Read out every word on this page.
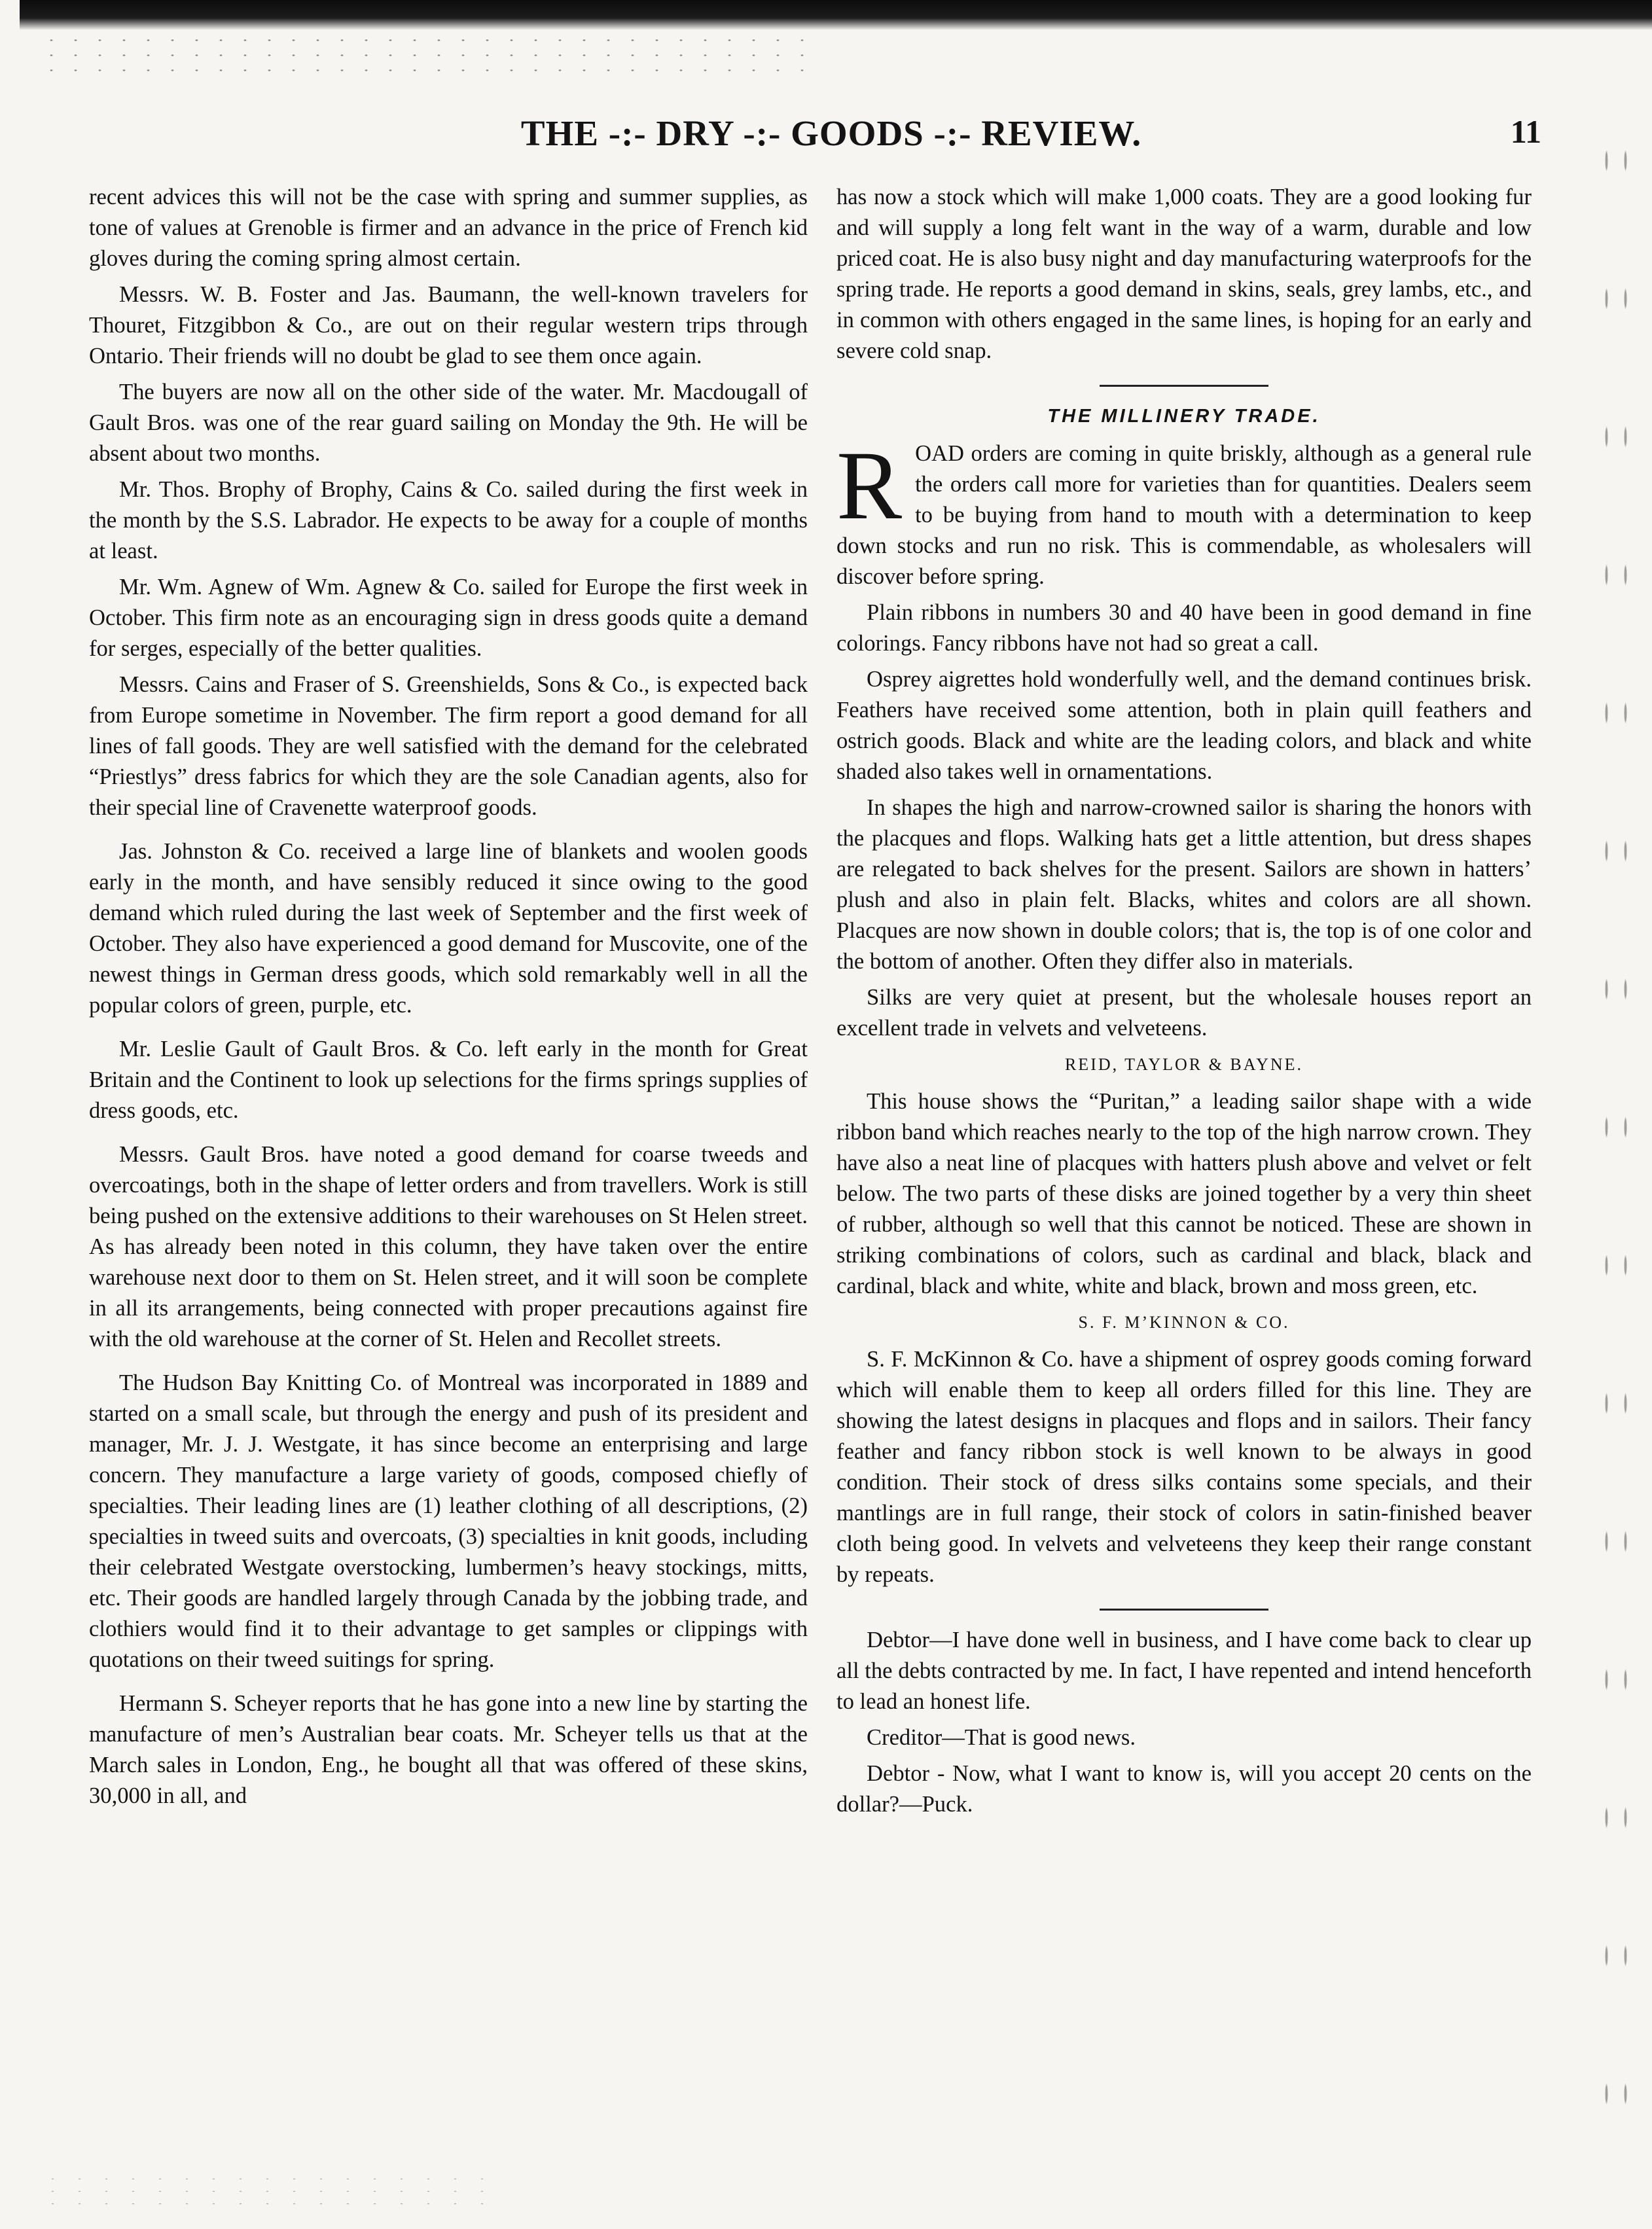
THE -:- DRY -:- GOODS -:- REVIEW.	11

recent advices this will not be the case with spring and summer supplies, as tone of values at Grenoble is firmer and an advance in the price of French kid gloves during the coming spring almost certain.

Messrs. W. B. Foster and Jas. Baumann, the well-known travelers for Thouret, Fitzgibbon & Co., are out on their regular western trips through Ontario. Their friends will no doubt be glad to see them once again.

The buyers are now all on the other side of the water. Mr. Macdougall of Gault Bros. was one of the rear guard sailing on Monday the 9th. He will be absent about two months.

Mr. Thos. Brophy of Brophy, Cains & Co. sailed during the first week in the month by the S.S. Labrador. He expects to be away for a couple of months at least.

Mr. Wm. Agnew of Wm. Agnew & Co. sailed for Europe the first week in October. This firm note as an encouraging sign in dress goods quite a demand for serges, especially of the better qualities.

Messrs. Cains and Fraser of S. Greenshields, Sons & Co., is expected back from Europe sometime in November. The firm report a good demand for all lines of fall goods. They are well satisfied with the demand for the celebrated “Priestlys” dress fabrics for which they are the sole Canadian agents, also for their special line of Cravenette waterproof goods.

Jas. Johnston & Co. received a large line of blankets and woolen goods early in the month, and have sensibly reduced it since owing to the good demand which ruled during the last week of September and the first week of October. They also have experienced a good demand for Muscovite, one of the newest things in German dress goods, which sold remarkably well in all the popular colors of green, purple, etc.

Mr. Leslie Gault of Gault Bros. & Co. left early in the month for Great Britain and the Continent to look up selections for the firms springs supplies of dress goods, etc.

Messrs. Gault Bros. have noted a good demand for coarse tweeds and overcoatings, both in the shape of letter orders and from travellers. Work is still being pushed on the extensive additions to their warehouses on St Helen street. As has already been noted in this column, they have taken over the entire warehouse next door to them on St. Helen street, and it will soon be complete in all its arrangements, being connected with proper precautions against fire with the old warehouse at the corner of St. Helen and Recollet streets.

The Hudson Bay Knitting Co. of Montreal was incorporated in 1889 and started on a small scale, but through the energy and push of its president and manager, Mr. J. J. Westgate, it has since become an enterprising and large concern. They manufacture a large variety of goods, composed chiefly of specialties. Their leading lines are (1) leather clothing of all descriptions, (2) specialties in tweed suits and overcoats, (3) specialties in knit goods, including their celebrated Westgate overstocking, lumbermen’s heavy stockings, mitts, etc. Their goods are handled largely through Canada by the jobbing trade, and clothiers would find it to their advantage to get samples or clippings with quotations on their tweed suitings for spring.

Hermann S. Scheyer reports that he has gone into a new line by starting the manufacture of men’s Australian bear coats. Mr. Scheyer tells us that at the March sales in London, Eng., he bought all that was offered of these skins, 30,000 in all, and

has now a stock which will make 1,000 coats. They are a good looking fur and will supply a long felt want in the way of a warm, durable and low priced coat. He is also busy night and day manufacturing waterproofs for the spring trade. He reports a good demand in skins, seals, grey lambs, etc., and in common with others engaged in the same lines, is hoping for an early and severe cold snap.

THE MILLINERY TRADE.

ROAD orders are coming in quite briskly, although as a general rule the orders call more for varieties than for quantities. Dealers seem to be buying from hand to mouth with a determination to keep down stocks and run no risk. This is commendable, as wholesalers will discover before spring.

Plain ribbons in numbers 30 and 40 have been in good demand in fine colorings. Fancy ribbons have not had so great a call.

Osprey aigrettes hold wonderfully well, and the demand continues brisk. Feathers have received some attention, both in plain quill feathers and ostrich goods. Black and white are the leading colors, and black and white shaded also takes well in ornamentations.

In shapes the high and narrow-crowned sailor is sharing the honors with the placques and flops. Walking hats get a little attention, but dress shapes are relegated to back shelves for the present. Sailors are shown in hatters’ plush and also in plain felt. Blacks, whites and colors are all shown. Placques are now shown in double colors; that is, the top is of one color and the bottom of another. Often they differ also in materials.

Silks are very quiet at present, but the wholesale houses report an excellent trade in velvets and velveteens.

REID, TAYLOR & BAYNE.

This house shows the “Puritan,” a leading sailor shape with a wide ribbon band which reaches nearly to the top of the high narrow crown. They have also a neat line of placques with hatters plush above and velvet or felt below. The two parts of these disks are joined together by a very thin sheet of rubber, although so well that this cannot be noticed. These are shown in striking combinations of colors, such as cardinal and black, black and cardinal, black and white, white and black, brown and moss green, etc.

S. F. M’KINNON & CO.

S. F. McKinnon & Co. have a shipment of osprey goods coming forward which will enable them to keep all orders filled for this line. They are showing the latest designs in placques and flops and in sailors. Their fancy feather and fancy ribbon stock is well known to be always in good condition. Their stock of dress silks contains some specials, and their mantlings are in full range, their stock of colors in satin-finished beaver cloth being good. In velvets and velveteens they keep their range constant by repeats.

Debtor—I have done well in business, and I have come back to clear up all the debts contracted by me. In fact, I have repented and intend henceforth to lead an honest life.

Creditor—That is good news.

Debtor - Now, what I want to know is, will you accept 20 cents on the dollar?—Puck.
